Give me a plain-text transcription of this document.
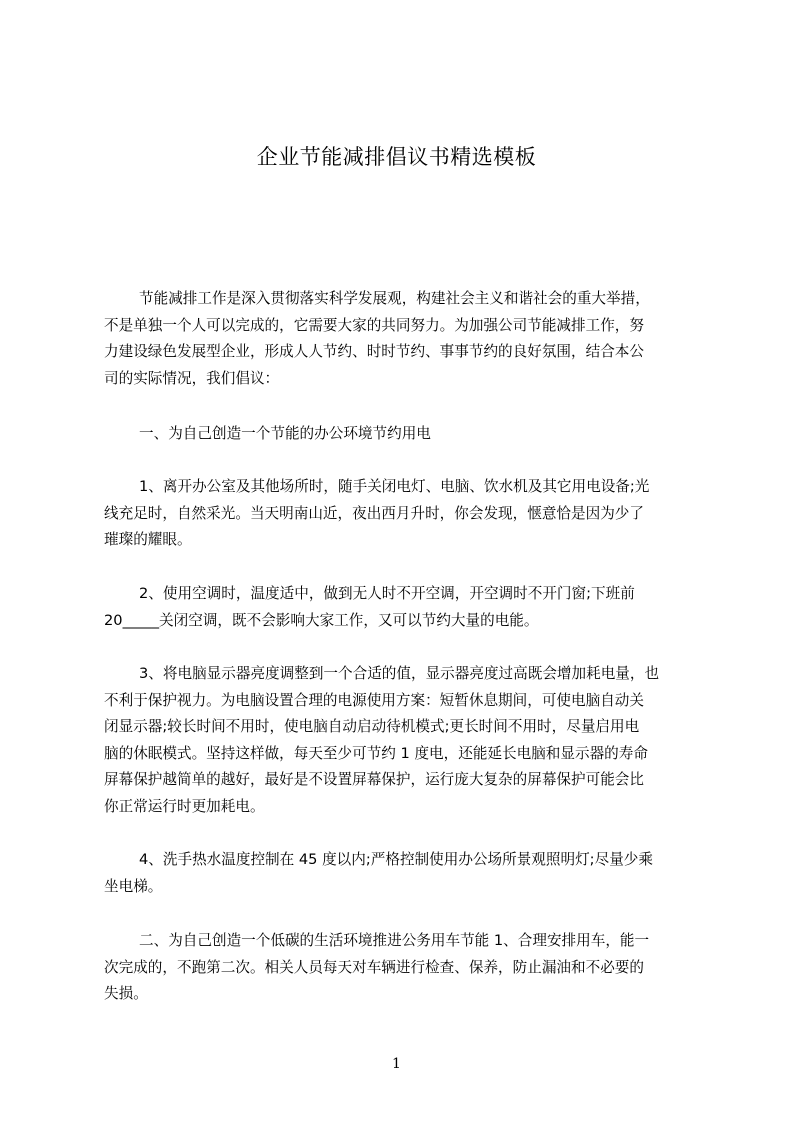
企业节能减排倡议书精选模板
节能减排工作是深入贯彻落实科学发展观，构建社会主义和谐社会的重大举措，
不是单独一个人可以完成的，它需要大家的共同努力。为加强公司节能减排工作，努
力建设绿色发展型企业，形成人人节约、时时节约、事事节约的良好氛围，结合本公
司的实际情况，我们倡议：
一、为自己创造一个节能的办公环境节约用电
1、离开办公室及其他场所时，随手关闭电灯、电脑、饮水机及其它用电设备;光
线充足时，自然采光。当天明南山近，夜出西月升时，你会发现，惬意恰是因为少了
璀璨的耀眼。
2、使用空调时，温度适中，做到无人时不开空调，开空调时不开门窗;下班前
20_____关闭空调，既不会影响大家工作，又可以节约大量的电能。
3、将电脑显示器亮度调整到一个合适的值，显示器亮度过高既会增加耗电量，也
不利于保护视力。为电脑设置合理的电源使用方案：短暂休息期间，可使电脑自动关
闭显示器;较长时间不用时，使电脑自动启动待机模式;更长时间不用时，尽量启用电
脑的休眠模式。坚持这样做，每天至少可节约 1 度电，还能延长电脑和显示器的寿命
屏幕保护越简单的越好，最好是不设置屏幕保护，运行庞大复杂的屏幕保护可能会比
你正常运行时更加耗电。
4、洗手热水温度控制在 45 度以内;严格控制使用办公场所景观照明灯;尽量少乘
坐电梯。
二、为自己创造一个低碳的生活环境推进公务用车节能 1、合理安排用车，能一
次完成的，不跑第二次。相关人员每天对车辆进行检查、保养，防止漏油和不必要的
失损。
1
